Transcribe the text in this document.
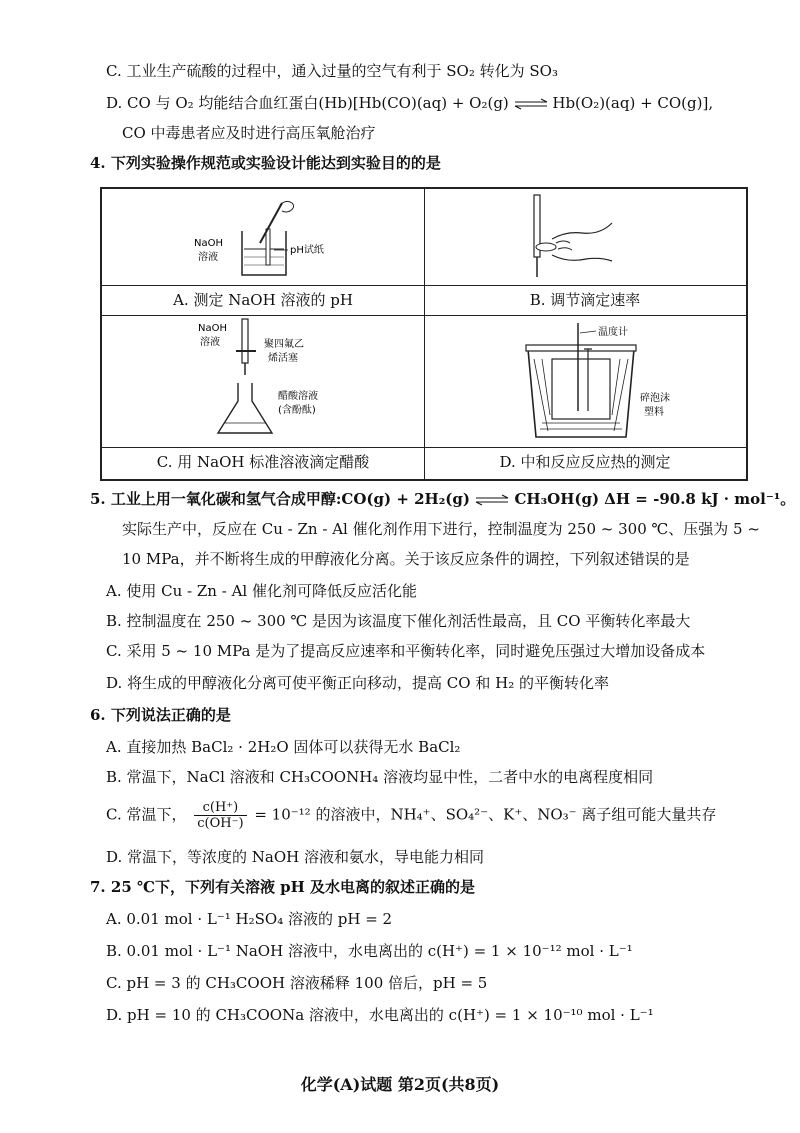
C. 工业生产硫酸的过程中，通入过量的空气有利于 SO₂ 转化为 SO₃
D. CO 与 O₂ 均能结合血红蛋白(Hb)[Hb(CO)(aq) + O₂(g) ⇌ Hb(O₂)(aq) + CO(g)],
CO 中毒患者应及时进行高压氧舱治疗
4. 下列实验操作规范或实验设计能达到实验目的的是
NaOH
溶液
pH试纸
A. 测定 NaOH 溶液的 pH	B. 调节滴定速率
NaOH
溶液	聚四氟乙
烯活塞
醋酸溶液
(含酚酞)
C. 用 NaOH 标准溶液滴定醋酸
温度计
碎泡沫
塑料
D. 中和反应反应热的测定
5. 工业上用一氧化碳和氢气合成甲醇:CO(g) + 2H₂(g) ⇌ CH₃OH(g) ΔH = -90.8 kJ · mol⁻¹。
实际生产中，反应在 Cu - Zn - Al 催化剂作用下进行，控制温度为 250 ~ 300 ℃、压强为 5 ~
10 MPa，并不断将生成的甲醇液化分离。关于该反应条件的调控，下列叙述错误的是
A. 使用 Cu - Zn - Al 催化剂可降低反应活化能
B. 控制温度在 250 ~ 300 ℃ 是因为该温度下催化剂活性最高，且 CO 平衡转化率最大
C. 采用 5 ~ 10 MPa 是为了提高反应速率和平衡转化率，同时避免压强过大增加设备成本
D. 将生成的甲醇液化分离可使平衡正向移动，提高 CO 和 H₂ 的平衡转化率
6. 下列说法正确的是
A. 直接加热 BaCl₂ · 2H₂O 固体可以获得无水 BaCl₂
B. 常温下，NaCl 溶液和 CH₃COONH₄ 溶液均显中性，二者中水的电离程度相同
C. 常温下， $\frac{c(H^+)}{c(OH^-)} = 10^{-12}$ 的溶液中，NH₄⁺、SO₄²⁻、K⁺、NO₃⁻ 离子组可能大量共存
D. 常温下，等浓度的 NaOH 溶液和氨水，导电能力相同
7. 25 ℃下，下列有关溶液 pH 及水电离的叙述正确的是
A. 0.01 mol · L⁻¹ H₂SO₄ 溶液的 pH = 2
B. 0.01 mol · L⁻¹ NaOH 溶液中，水电离出的 c(H⁺) = 1 × 10⁻¹² mol · L⁻¹
C. pH = 3 的 CH₃COOH 溶液稀释 100 倍后，pH = 5
D. pH = 10 的 CH₃COONa 溶液中，水电离出的 c(H⁺) = 1 × 10⁻¹⁰ mol · L⁻¹
化学(A)试题 第2页(共8页)
